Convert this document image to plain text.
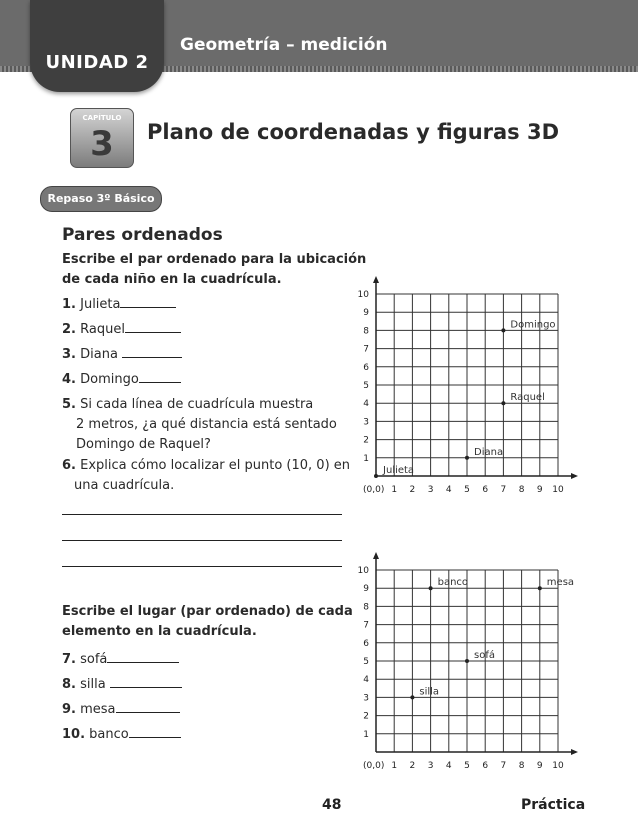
UNIDAD 2
Geometría – medición
CAPÍTULO
3	Plano de coordenadas y figuras 3D
Repaso 3º Básico
Pares ordenados
Escribe el par ordenado para la ubicación
de cada niño en la cuadrícula.
1. Julieta
2. Raquel
3. Diana
4. Domingo
5. Si cada línea de cuadrícula muestra
2 metros, ¿a qué distancia está sentado
Domingo de Raquel?
6. Explica cómo localizar el punto (10, 0) en
una cuadrícula.
Escribe el lugar (par ordenado) de cada
elemento en la cuadrícula.
7. sofá
8. silla
9. mesa
10. banco
(0,0) 1
1
2
2
3
3
4
4
5
5
6
6
7
7
8
8
9
9
10
10
Julieta
Diana
Raquel
Domingo
(0,0) 1
1
2
2
3
3
4
4
5
5
6
6
7
7
8
8
9
9
10
10
banco	mesa
sofá
silla
48	Práctica
